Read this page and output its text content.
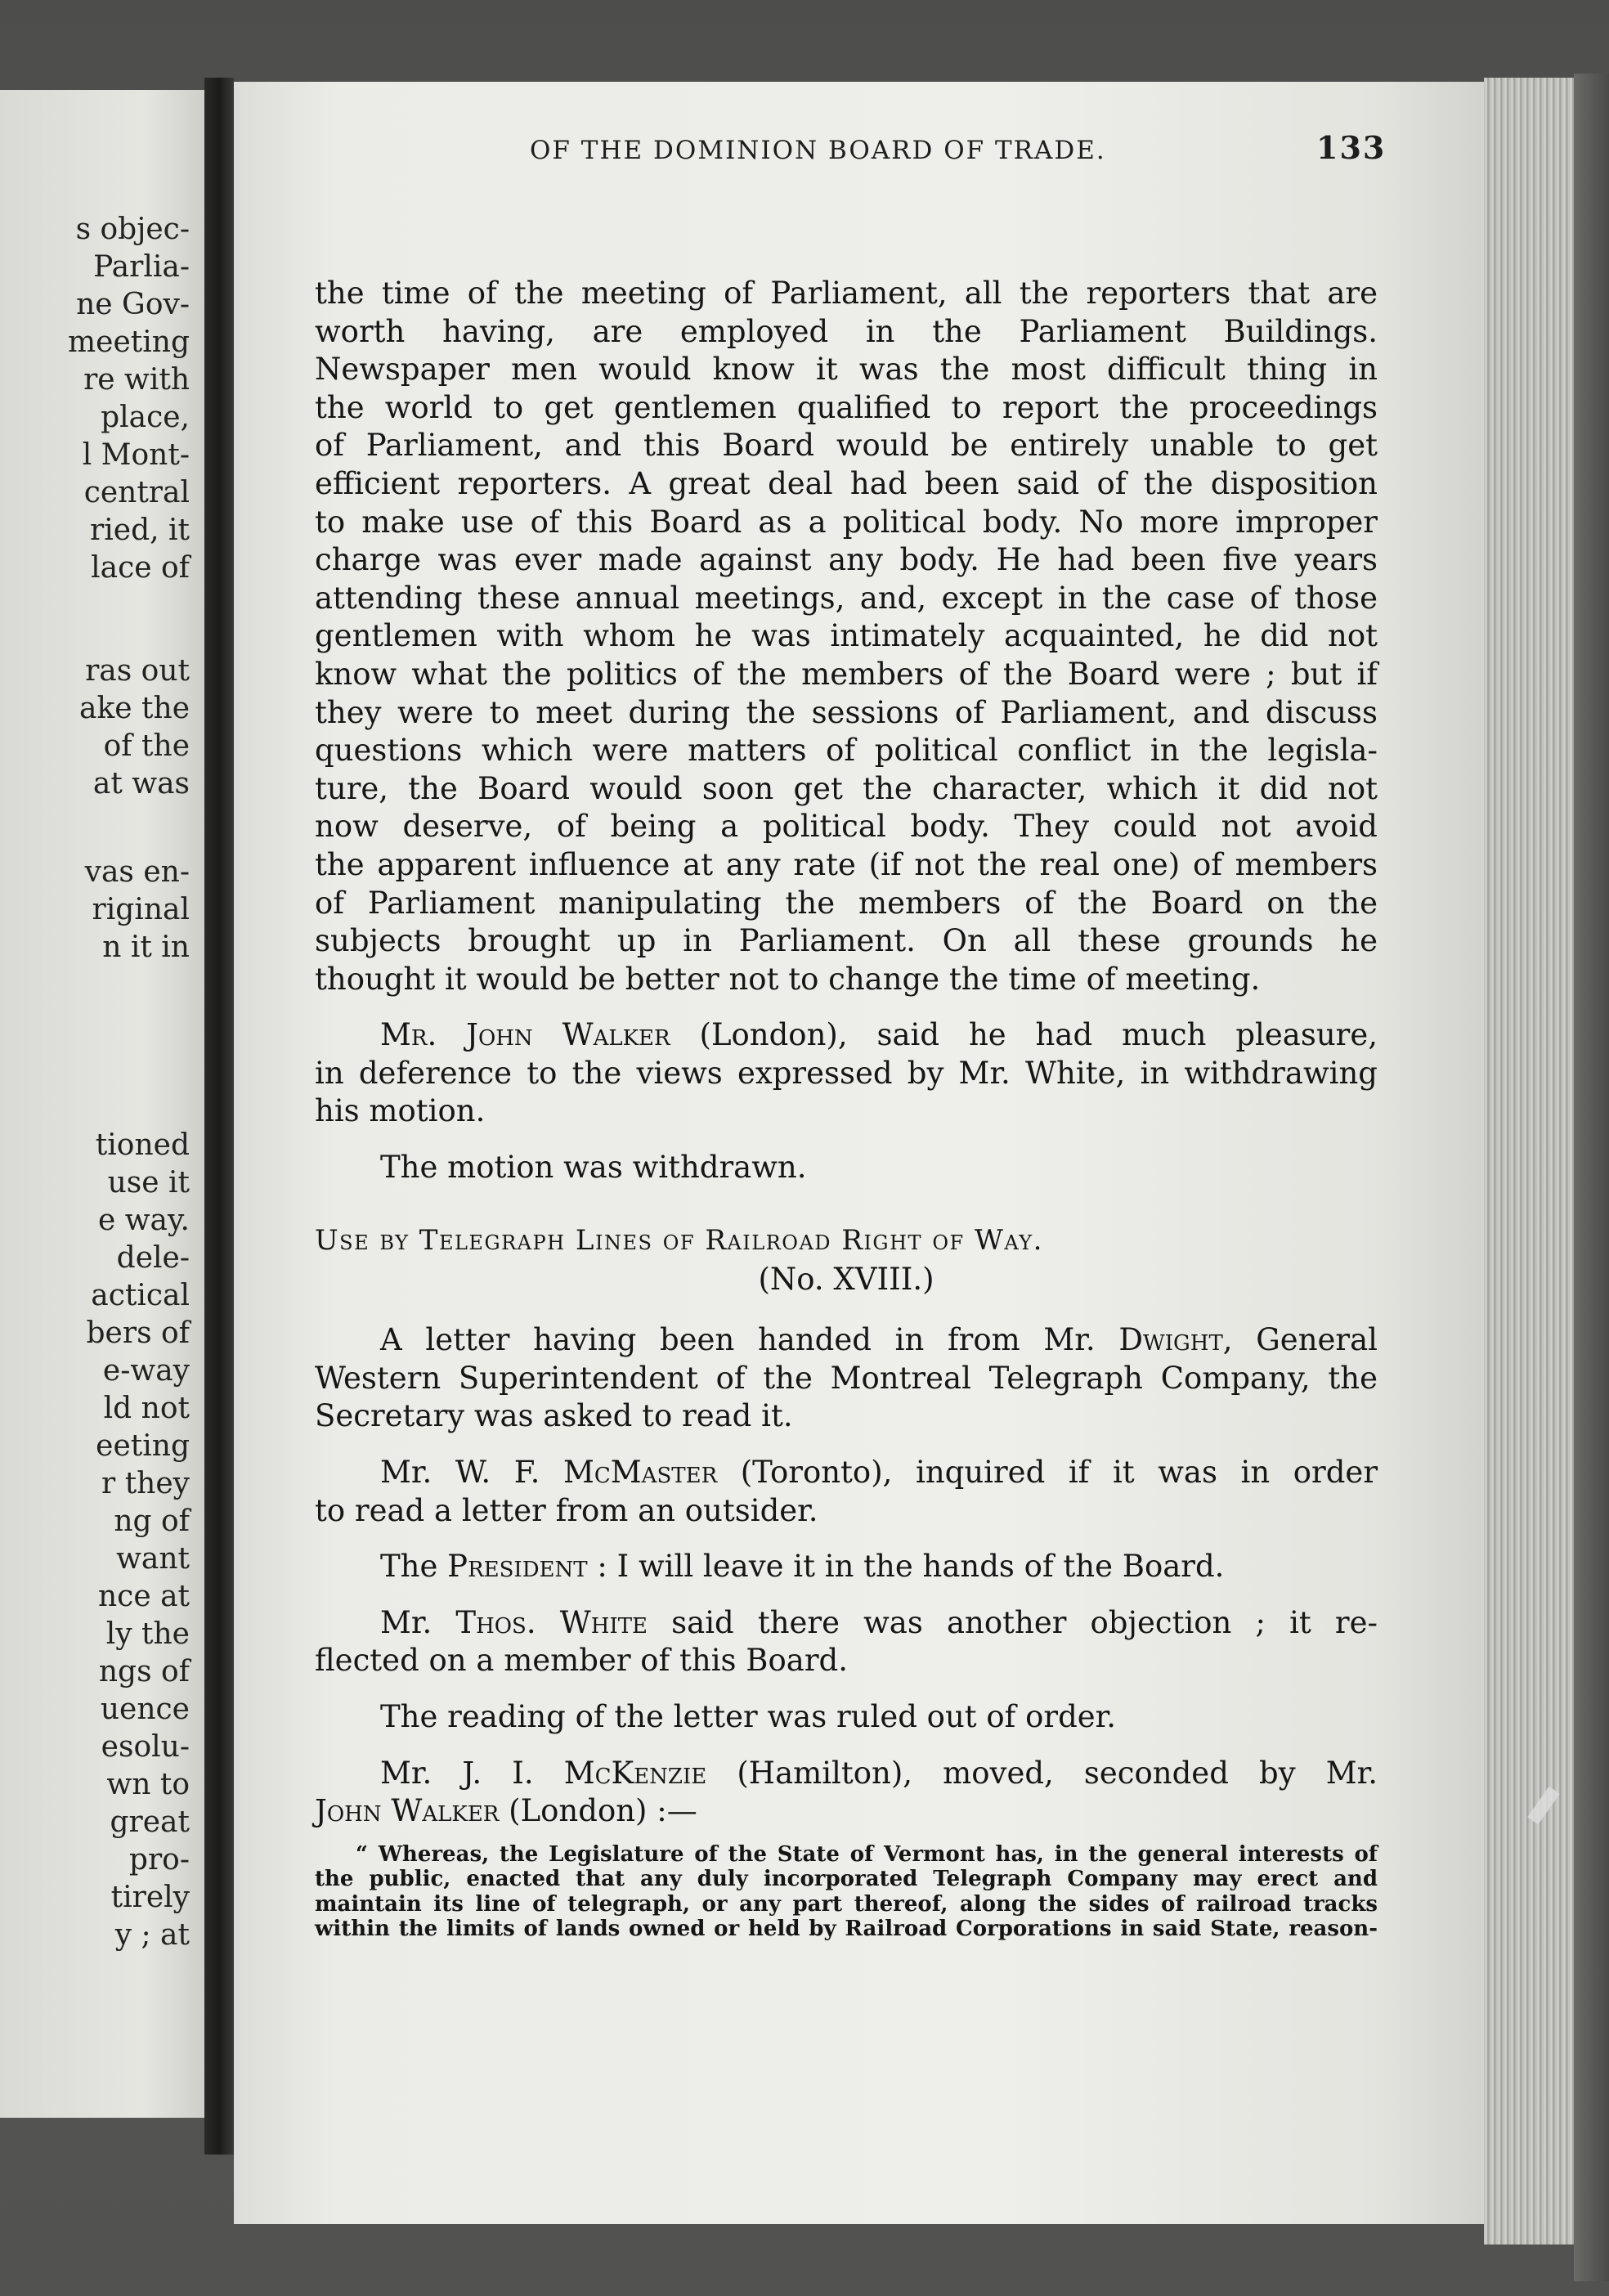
s objec-
Parlia-
ne Gov-
meeting
re with
place,
l Mont-
central
ried, it
lace of
ras out
ake the
of the
at was
vas en-
riginal
n it in
tioned
use it
e way.
dele-
actical
bers of
e-way
ld not
eeting
r they
ng of
want
nce at
ly the
ngs of
uence
esolu-
wn to
great
pro-
tirely
y ; at
OF THE DOMINION BOARD OF TRADE.	133

the time of the meeting of Parliament, all the reporters that are

worth having, are employed in the Parliament Buildings.

Newspaper men would know it was the most difficult thing in

the world to get gentlemen qualified to report the proceedings

of Parliament, and this Board would be entirely unable to get

efficient reporters. A great deal had been said of the disposition

to make use of this Board as a political body. No more improper

charge was ever made against any body. He had been five years

attending these annual meetings, and, except in the case of those

gentlemen with whom he was intimately acquainted, he did not

know what the politics of the members of the Board were ; but if

they were to meet during the sessions of Parliament, and discuss

questions which were matters of political conflict in the legisla-

ture, the Board would soon get the character, which it did not

now deserve, of being a political body. They could not avoid

the apparent influence at any rate (if not the real one) of members

of Parliament manipulating the members of the Board on the

subjects brought up in Parliament. On all these grounds he

thought it would be better not to change the time of meeting.

Mr. John Walker (London), said he had much pleasure,

in deference to the views expressed by Mr. White, in withdrawing

his motion.

The motion was withdrawn.

Use by Telegraph Lines of Railroad Right of Way.

(No. XVIII.)

A letter having been handed in from Mr. Dwight, General

Western Superintendent of the Montreal Telegraph Company, the

Secretary was asked to read it.

Mr. W. F. McMaster (Toronto), inquired if it was in order

to read a letter from an outsider.

The President : I will leave it in the hands of the Board.

Mr. Thos. White said there was another objection ; it re-

flected on a member of this Board.

The reading of the letter was ruled out of order.

Mr. J. I. McKenzie (Hamilton), moved, seconded by Mr.

John Walker (London) :—

“ Whereas, the Legislature of the State of Vermont has, in the general interests of

the public, enacted that any duly incorporated Telegraph Company may erect and

maintain its line of telegraph, or any part thereof, along the sides of railroad tracks

within the limits of lands owned or held by Railroad Corporations in said State, reason-
